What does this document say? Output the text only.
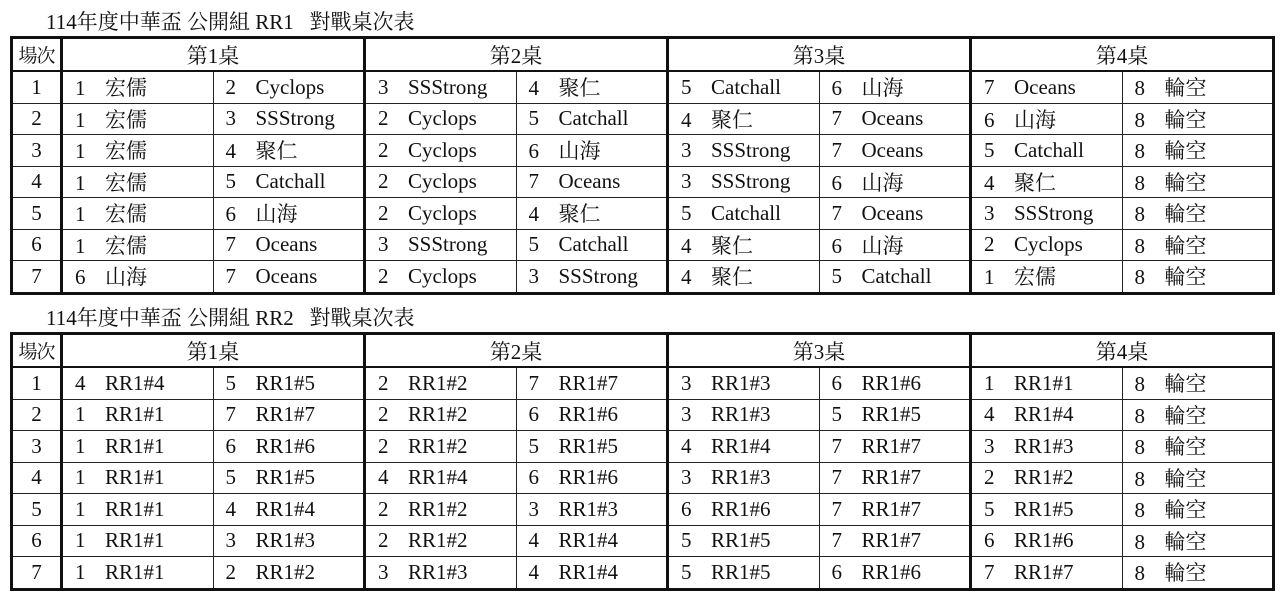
114年度中華盃 公開組 RR1   對戰桌次表
場次	第1桌		第2桌		第3桌		第4桌	
1	1 宏儒	2 Cyclops	3 SSStrong	4 聚仁	5 Catchall	6 山海	7 Oceans	8 輪空
2	1 宏儒	3 SSStrong	2 Cyclops	5 Catchall	4 聚仁	7 Oceans	6 山海	8 輪空
3	1 宏儒	4 聚仁	2 Cyclops	6 山海	3 SSStrong	7 Oceans	5 Catchall	8 輪空
4	1 宏儒	5 Catchall	2 Cyclops	7 Oceans	3 SSStrong	6 山海	4 聚仁	8 輪空
5	1 宏儒	6 山海	2 Cyclops	4 聚仁	5 Catchall	7 Oceans	3 SSStrong	8 輪空
6	1 宏儒	7 Oceans	3 SSStrong	5 Catchall	4 聚仁	6 山海	2 Cyclops	8 輪空
7	6 山海	7 Oceans	2 Cyclops	3 SSStrong	4 聚仁	5 Catchall	1 宏儒	8 輪空
114年度中華盃 公開組 RR2   對戰桌次表
場次	第1桌		第2桌		第3桌		第4桌	
1	4 RR1#4	5 RR1#5	2 RR1#2	7 RR1#7	3 RR1#3	6 RR1#6	1 RR1#1	8 輪空
2	1 RR1#1	7 RR1#7	2 RR1#2	6 RR1#6	3 RR1#3	5 RR1#5	4 RR1#4	8 輪空
3	1 RR1#1	6 RR1#6	2 RR1#2	5 RR1#5	4 RR1#4	7 RR1#7	3 RR1#3	8 輪空
4	1 RR1#1	5 RR1#5	4 RR1#4	6 RR1#6	3 RR1#3	7 RR1#7	2 RR1#2	8 輪空
5	1 RR1#1	4 RR1#4	2 RR1#2	3 RR1#3	6 RR1#6	7 RR1#7	5 RR1#5	8 輪空
6	1 RR1#1	3 RR1#3	2 RR1#2	4 RR1#4	5 RR1#5	7 RR1#7	6 RR1#6	8 輪空
7	1 RR1#1	2 RR1#2	3 RR1#3	4 RR1#4	5 RR1#5	6 RR1#6	7 RR1#7	8 輪空
